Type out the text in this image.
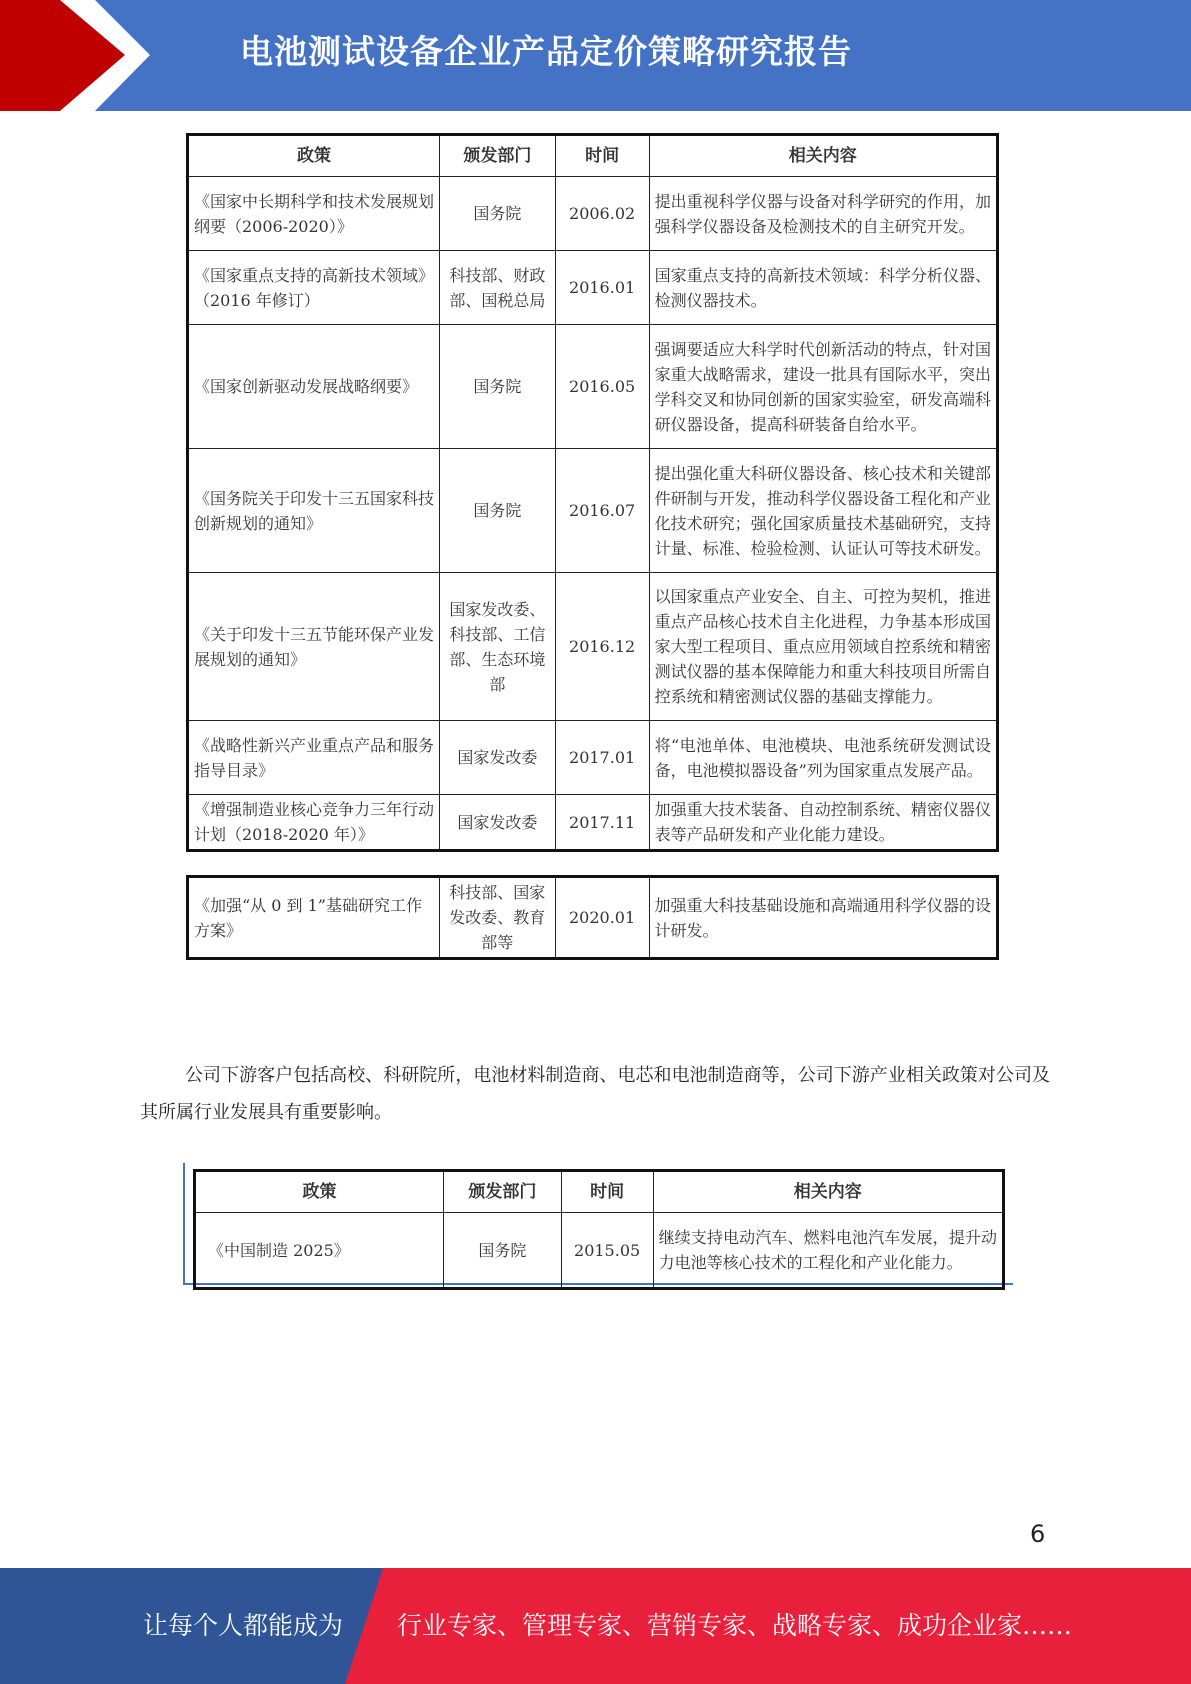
电池测试设备企业产品定价策略研究报告
政策	颁发部门	时间	相关内容
《国家中长期科学和技术发展规划纲要（2006-2020）》	国务院	2006.02	提出重视科学仪器与设备对科学研究的作用，加强科学仪器设备及检测技术的自主研究开发。
《国家重点支持的高新技术领域》（2016 年修订）	科技部、财政部、国税总局	2016.01	国家重点支持的高新技术领域：科学分析仪器、检测仪器技术。
《国家创新驱动发展战略纲要》	国务院	2016.05	强调要适应大科学时代创新活动的特点，针对国家重大战略需求，建设一批具有国际水平，突出学科交叉和协同创新的国家实验室，研发高端科研仪器设备，提高科研装备自给水平。
《国务院关于印发十三五国家科技创新规划的通知》	国务院	2016.07	提出强化重大科研仪器设备、核心技术和关键部件研制与开发，推动科学仪器设备工程化和产业化技术研究；强化国家质量技术基础研究，支持计量、标准、检验检测、认证认可等技术研发。
《关于印发十三五节能环保产业发展规划的通知》	国家发改委、科技部、工信部、生态环境部	2016.12	以国家重点产业安全、自主、可控为契机，推进重点产品核心技术自主化进程，力争基本形成国家大型工程项目、重点应用领域自控系统和精密测试仪器的基本保障能力和重大科技项目所需自控系统和精密测试仪器的基础支撑能力。
《战略性新兴产业重点产品和服务指导目录》	国家发改委	2017.01	将“电池单体、电池模块、电池系统研发测试设备，电池模拟器设备”列为国家重点发展产品。
《增强制造业核心竞争力三年行动计划（2018-2020 年）》	国家发改委	2017.11	加强重大技术装备、自动控制系统、精密仪器仪表等产品研发和产业化能力建设。
《加强“从 0 到 1”基础研究工作方案》	科技部、国家发改委、教育部等	2020.01	加强重大科技基础设施和高端通用科学仪器的设计研发。
公司下游客户包括高校、科研院所，电池材料制造商、电芯和电池制造商等，公司下游产业相关政策对公司及其所属行业发展具有重要影响。
政策	颁发部门	时间	相关内容
《中国制造 2025》	国务院	2015.05	继续支持电动汽车、燃料电池汽车发展，提升动力电池等核心技术的工程化和产业化能力。
6
让每个人都能成为 行业专家、管理专家、营销专家、战略专家、成功企业家……
